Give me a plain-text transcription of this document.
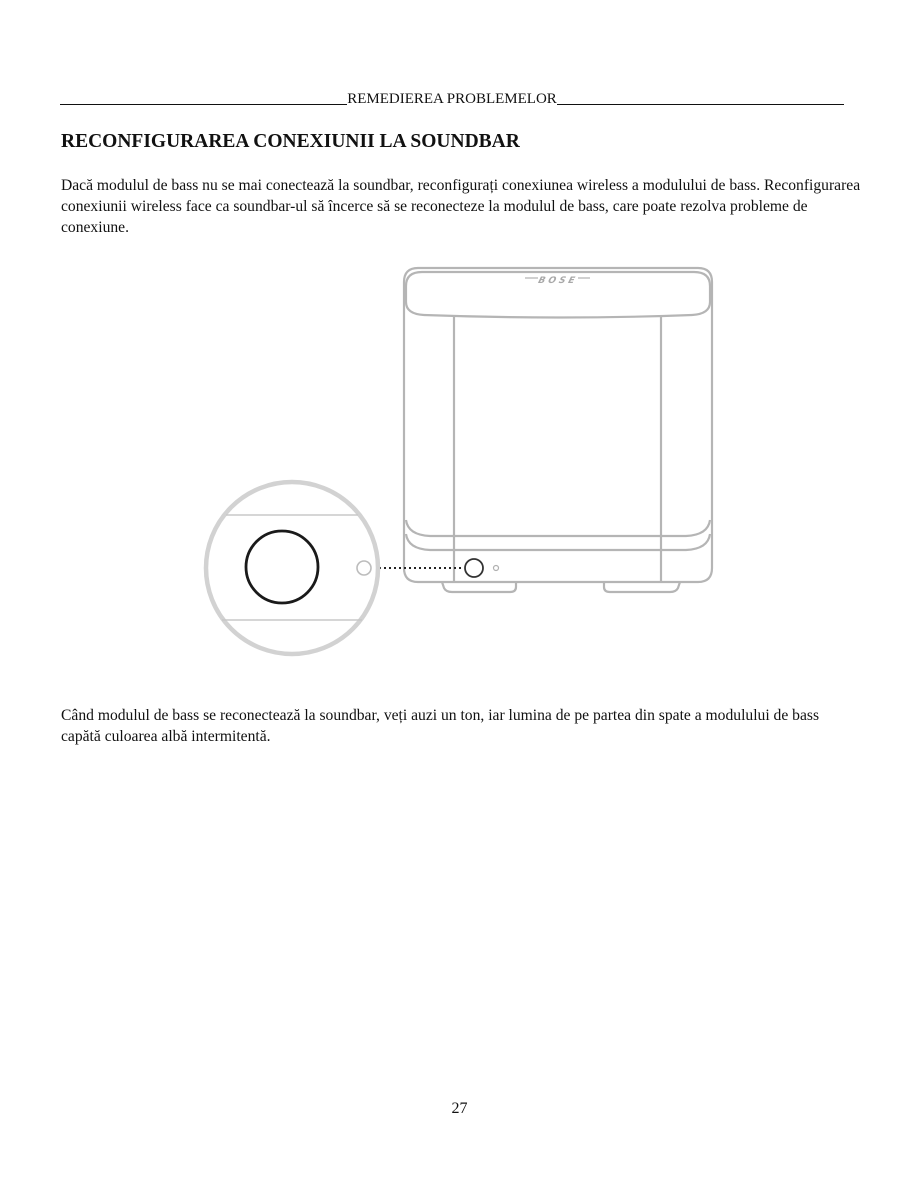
REMEDIEREA PROBLEMELOR
RECONFIGURAREA CONEXIUNII LA SOUNDBAR

Dacă modulul de bass nu se mai conectează la soundbar, reconfigurați conexiunea wireless a modulului de bass. Reconfigurarea conexiunii wireless face ca soundbar-ul să încerce să se reconecteze la modulul de bass, care poate rezolva probleme de conexiune.

BOSE

Când modulul de bass se reconectează la soundbar, veți auzi un ton, iar lumina de pe partea din spate a modulului de bass capătă culoarea albă intermitentă.

27
